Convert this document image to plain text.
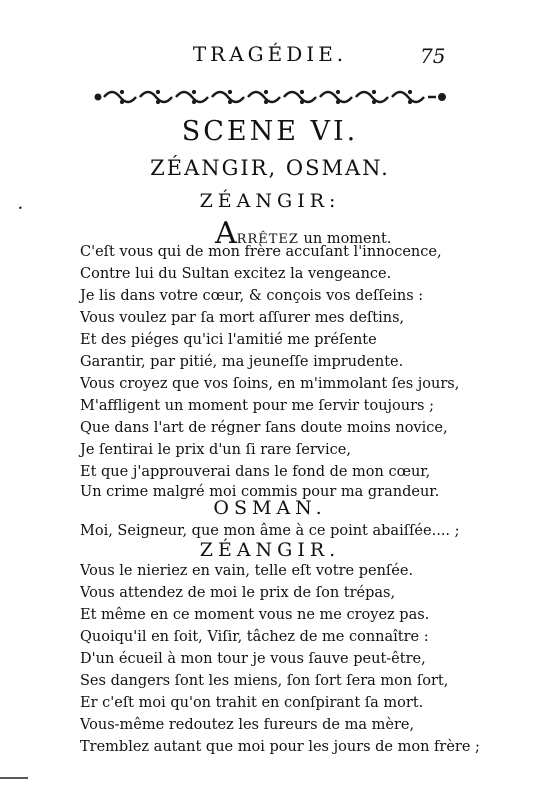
TRAGÉDIE.	75
SCENE VI.
ZÉANGIR, OSMAN.
•	ZÉANGIR:
ARRÊTEZ un moment.
C'eſt vous qui de mon frère accuſant l'innocence,
Contre lui du Sultan excitez la vengeance.
Je lis dans votre cœur, & conçois vos deſſeins :
Vous voulez par ſa mort aſſurer mes deſtins,
Et des piéges qu'ici l'amitié me préſente
Garantir, par pitié, ma jeuneſſe imprudente.
Vous croyez que vos ſoins, en m'immolant ſes jours,
M'affligent un moment pour me ſervir toujours ;
Que dans l'art de régner ſans doute moins novice,
Je ſentirai le prix d'un ſi rare ſervice,
Et que j'approuverai dans le fond de mon cœur,
Un crime malgré moi commis pour ma grandeur.
OSMAN.
Moi, Seigneur, que mon âme à ce point abaiſſée.... ;
ZÉANGIR.
Vous le nieriez en vain, telle eſt votre penſée.
Vous attendez de moi le prix de ſon trépas,
Et même en ce moment vous ne me croyez pas.
Quoiqu'il en ſoit, Viſir, tâchez de me connaître :
D'un écueil à mon tour je vous ſauve peut-être,
Ses dangers ſont les miens, ſon ſort ſera mon ſort,
Er c'eſt moi qu'on trahit en conſpirant ſa mort.
Vous-même redoutez les fureurs de ma mère,
Tremblez autant que moi pour les jours de mon frère ;
